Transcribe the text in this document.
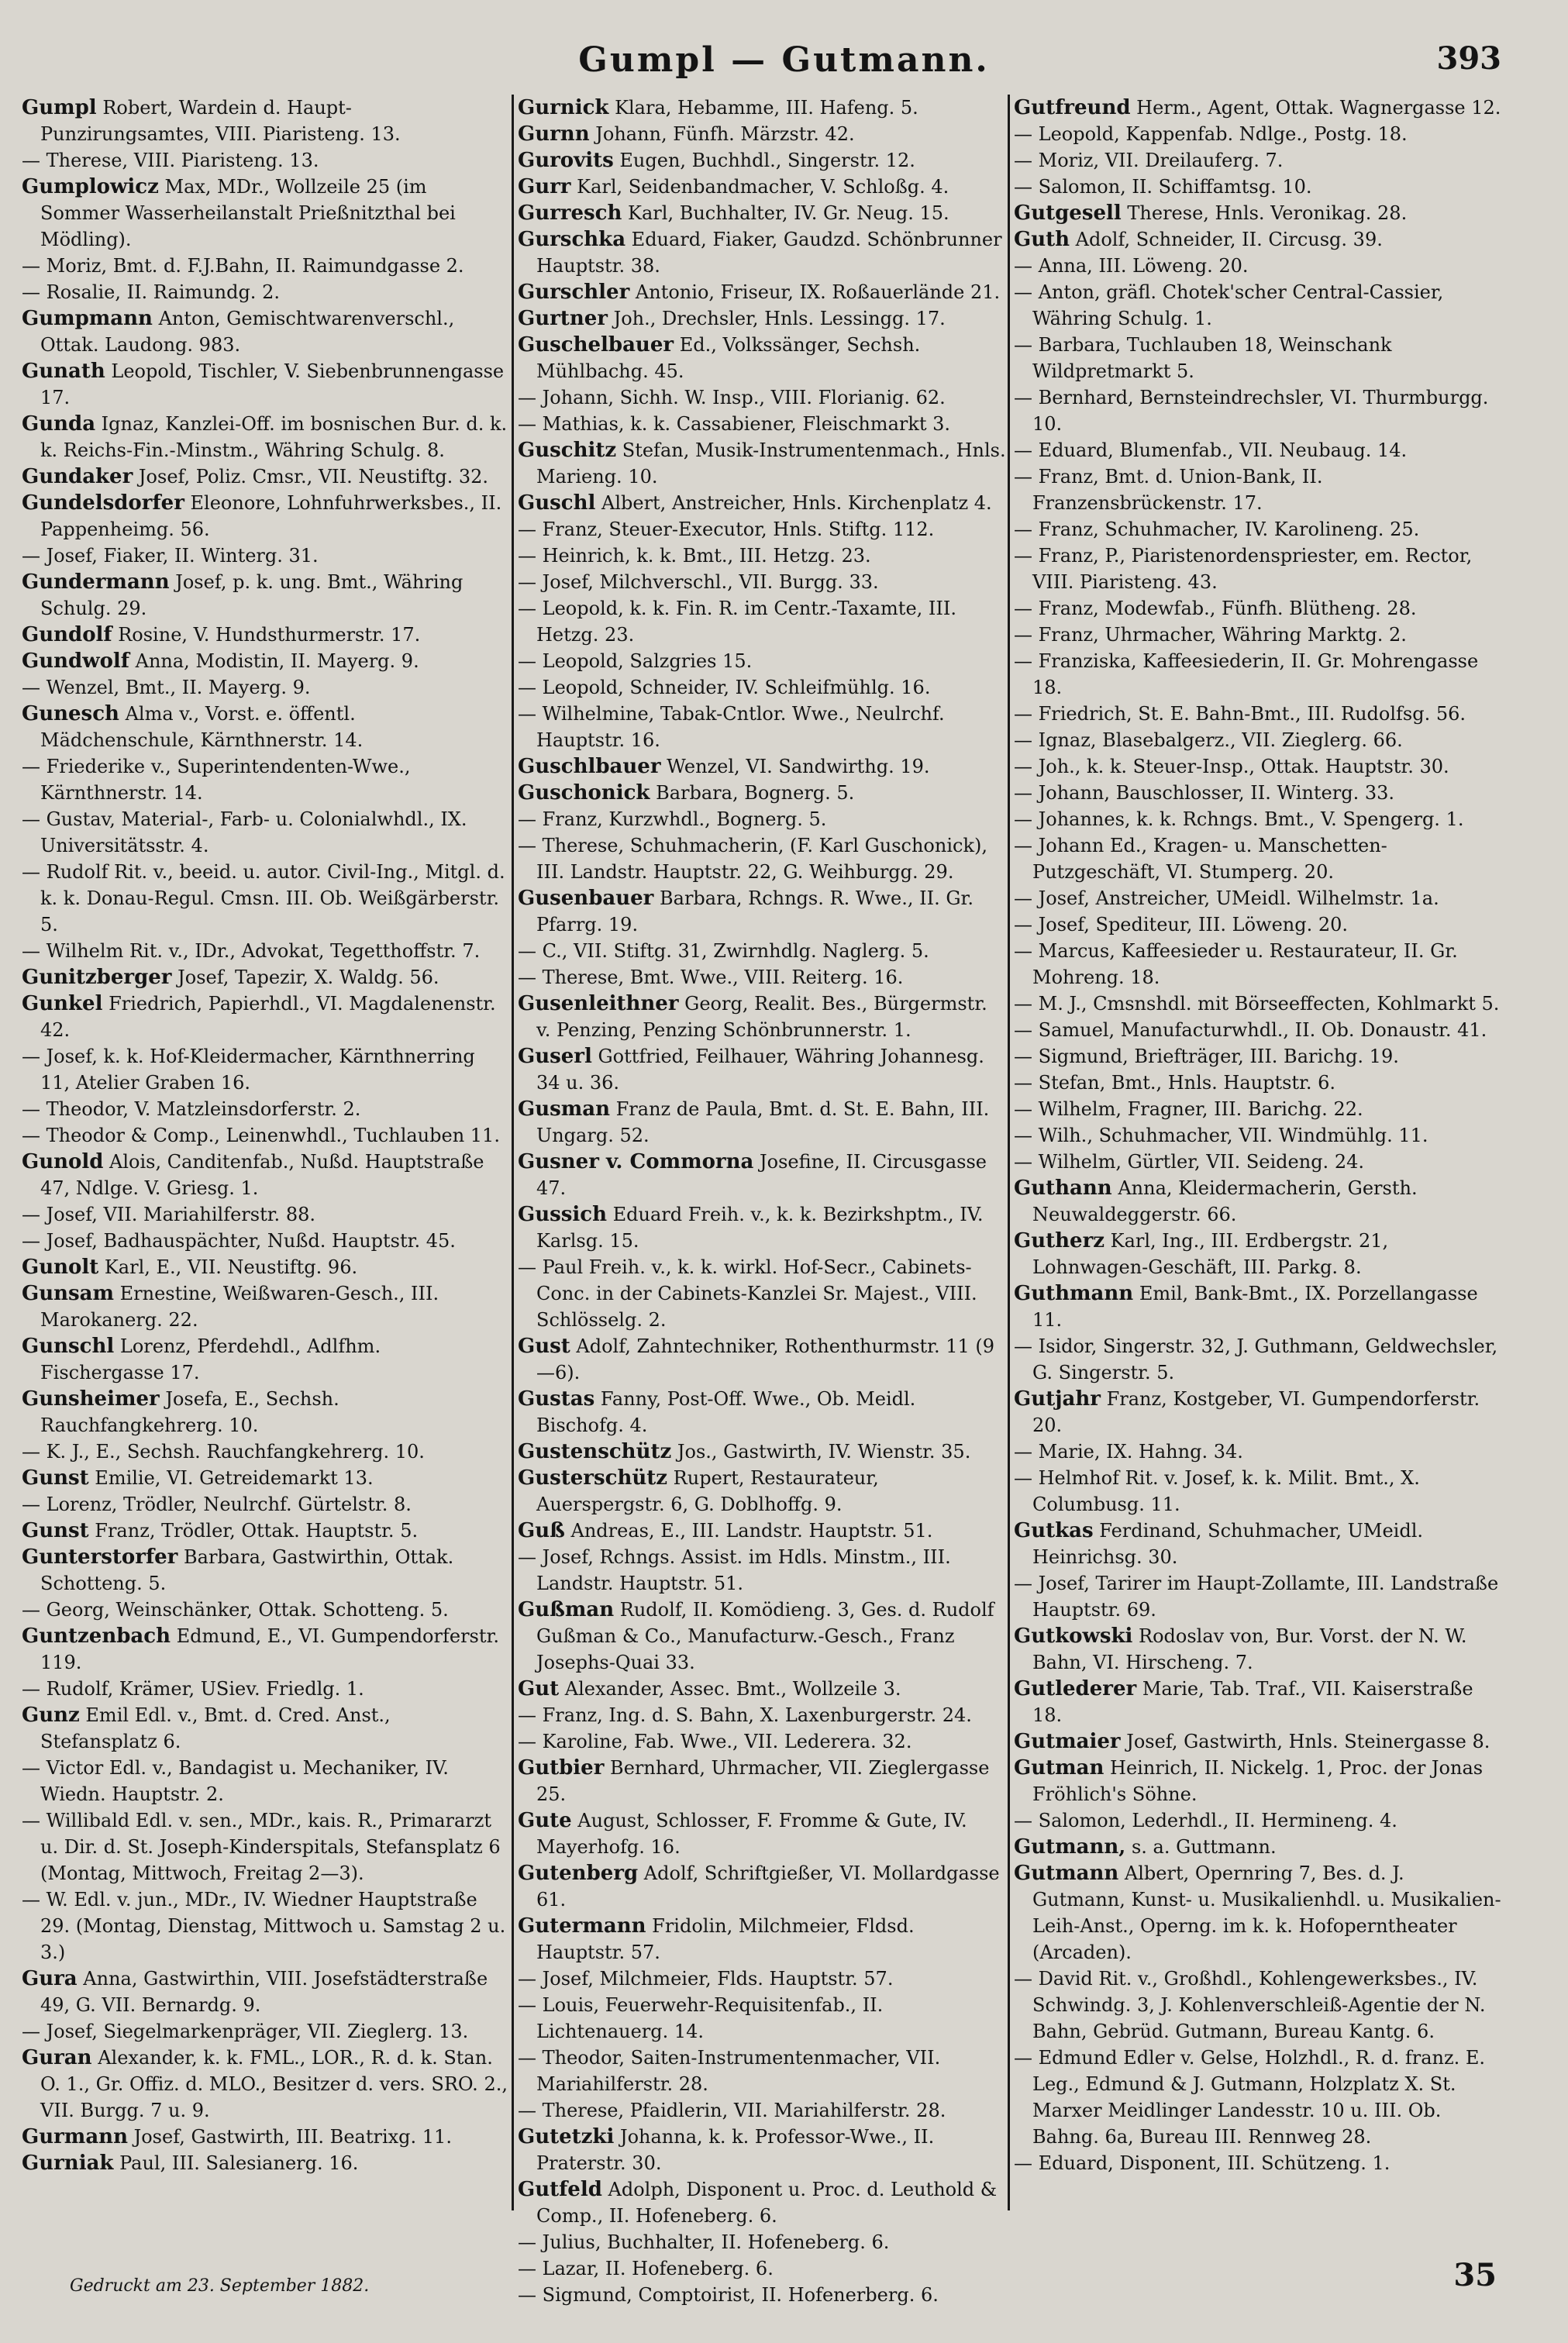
Gumpl — Gutmann.	393

Gumpl Robert, Wardein d. Haupt-Punzirungsamtes, VIII. Piaristeng. 13.

— Therese, VIII. Piaristeng. 13.

Gumplowicz Max, MDr., Wollzeile 25 (im Sommer Wasserheilanstalt Prießnitzthal bei Mödling).

— Moriz, Bmt. d. F.J.Bahn, II. Raimundgasse 2.

— Rosalie, II. Raimundg. 2.

Gumpmann Anton, Gemischtwarenverschl., Ottak. Laudong. 983.

Gunath Leopold, Tischler, V. Siebenbrunnengasse 17.

Gunda Ignaz, Kanzlei-Off. im bosnischen Bur. d. k. k. Reichs-Fin.-Minstm., Währing Schulg. 8.

Gundaker Josef, Poliz. Cmsr., VII. Neustiftg. 32.

Gundelsdorfer Eleonore, Lohnfuhrwerksbes., II. Pappenheimg. 56.

— Josef, Fiaker, II. Winterg. 31.

Gundermann Josef, p. k. ung. Bmt., Währing Schulg. 29.

Gundolf Rosine, V. Hundsthurmerstr. 17.

Gundwolf Anna, Modistin, II. Mayerg. 9.

— Wenzel, Bmt., II. Mayerg. 9.

Gunesch Alma v., Vorst. e. öffentl. Mädchenschule, Kärnthnerstr. 14.

— Friederike v., Superintendenten-Wwe., Kärnthnerstr. 14.

— Gustav, Material-, Farb- u. Colonialwhdl., IX. Universitätsstr. 4.

— Rudolf Rit. v., beeid. u. autor. Civil-Ing., Mitgl. d. k. k. Donau-Regul. Cmsn. III. Ob. Weißgärberstr. 5.

— Wilhelm Rit. v., IDr., Advokat, Tegetthoffstr. 7.

Gunitzberger Josef, Tapezir, X. Waldg. 56.

Gunkel Friedrich, Papierhdl., VI. Magdalenenstr. 42.

— Josef, k. k. Hof-Kleidermacher, Kärnthnerring 11, Atelier Graben 16.

— Theodor, V. Matzleinsdorferstr. 2.

— Theodor & Comp., Leinenwhdl., Tuchlauben 11.

Gunold Alois, Canditenfab., Nußd. Hauptstraße 47, Ndlge. V. Griesg. 1.

— Josef, VII. Mariahilferstr. 88.

— Josef, Badhauspächter, Nußd. Hauptstr. 45.

Gunolt Karl, E., VII. Neustiftg. 96.

Gunsam Ernestine, Weißwaren-Gesch., III. Marokanerg. 22.

Gunschl Lorenz, Pferdehdl., Adlfhm. Fischergasse 17.

Gunsheimer Josefa, E., Sechsh. Rauchfangkehrerg. 10.

— K. J., E., Sechsh. Rauchfangkehrerg. 10.

Gunst Emilie, VI. Getreidemarkt 13.

— Lorenz, Trödler, Neulrchf. Gürtelstr. 8.

Gunst Franz, Trödler, Ottak. Hauptstr. 5.

Gunterstorfer Barbara, Gastwirthin, Ottak. Schotteng. 5.

— Georg, Weinschänker, Ottak. Schotteng. 5.

Guntzenbach Edmund, E., VI. Gumpendorferstr. 119.

— Rudolf, Krämer, USiev. Friedlg. 1.

Gunz Emil Edl. v., Bmt. d. Cred. Anst., Stefansplatz 6.

— Victor Edl. v., Bandagist u. Mechaniker, IV. Wiedn. Hauptstr. 2.

— Willibald Edl. v. sen., MDr., kais. R., Primararzt u. Dir. d. St. Joseph-Kinderspitals, Stefansplatz 6 (Montag, Mittwoch, Freitag 2—3).

— W. Edl. v. jun., MDr., IV. Wiedner Hauptstraße 29. (Montag, Dienstag, Mittwoch u. Samstag 2 u. 3.)

Gura Anna, Gastwirthin, VIII. Josefstädterstraße 49, G. VII. Bernardg. 9.

— Josef, Siegelmarkenpräger, VII. Zieglerg. 13.

Guran Alexander, k. k. FML., LOR., R. d. k. Stan. O. 1., Gr. Offiz. d. MLO., Besitzer d. vers. SRO. 2., VII. Burgg. 7 u. 9.

Gurmann Josef, Gastwirth, III. Beatrixg. 11.

Gurniak Paul, III. Salesianerg. 16.

Gurnick Klara, Hebamme, III. Hafeng. 5.

Gurnn Johann, Fünfh. Märzstr. 42.

Gurovits Eugen, Buchhdl., Singerstr. 12.

Gurr Karl, Seidenbandmacher, V. Schloßg. 4.

Gurresch Karl, Buchhalter, IV. Gr. Neug. 15.

Gurschka Eduard, Fiaker, Gaudzd. Schönbrunner Hauptstr. 38.

Gurschler Antonio, Friseur, IX. Roßauerlände 21.

Gurtner Joh., Drechsler, Hnls. Lessingg. 17.

Guschelbauer Ed., Volkssänger, Sechsh. Mühlbachg. 45.

— Johann, Sichh. W. Insp., VIII. Florianig. 62.

— Mathias, k. k. Cassabiener, Fleischmarkt 3.

Guschitz Stefan, Musik-Instrumentenmach., Hnls. Marieng. 10.

Guschl Albert, Anstreicher, Hnls. Kirchenplatz 4.

— Franz, Steuer-Executor, Hnls. Stiftg. 112.

— Heinrich, k. k. Bmt., III. Hetzg. 23.

— Josef, Milchverschl., VII. Burgg. 33.

— Leopold, k. k. Fin. R. im Centr.-Taxamte, III. Hetzg. 23.

— Leopold, Salzgries 15.

— Leopold, Schneider, IV. Schleifmühlg. 16.

— Wilhelmine, Tabak-Cntlor. Wwe., Neulrchf. Hauptstr. 16.

Guschlbauer Wenzel, VI. Sandwirthg. 19.

Guschonick Barbara, Bognerg. 5.

— Franz, Kurzwhdl., Bognerg. 5.

— Therese, Schuhmacherin, (F. Karl Guschonick), III. Landstr. Hauptstr. 22, G. Weihburgg. 29.

Gusenbauer Barbara, Rchngs. R. Wwe., II. Gr. Pfarrg. 19.

— C., VII. Stiftg. 31, Zwirnhdlg. Naglerg. 5.

— Therese, Bmt. Wwe., VIII. Reiterg. 16.

Gusenleithner Georg, Realit. Bes., Bürgermstr. v. Penzing, Penzing Schönbrunnerstr. 1.

Guserl Gottfried, Feilhauer, Währing Johannesg. 34 u. 36.

Gusman Franz de Paula, Bmt. d. St. E. Bahn, III. Ungarg. 52.

Gusner v. Commorna Josefine, II. Circusgasse 47.

Gussich Eduard Freih. v., k. k. Bezirkshptm., IV. Karlsg. 15.

— Paul Freih. v., k. k. wirkl. Hof-Secr., Cabinets-Conc. in der Cabinets-Kanzlei Sr. Majest., VIII. Schlösselg. 2.

Gust Adolf, Zahntechniker, Rothenthurmstr. 11 (9—6).

Gustas Fanny, Post-Off. Wwe., Ob. Meidl. Bischofg. 4.

Gustenschütz Jos., Gastwirth, IV. Wienstr. 35.

Gusterschütz Rupert, Restaurateur, Auerspergstr. 6, G. Doblhoffg. 9.

Guß Andreas, E., III. Landstr. Hauptstr. 51.

— Josef, Rchngs. Assist. im Hdls. Minstm., III. Landstr. Hauptstr. 51.

Gußman Rudolf, II. Komödieng. 3, Ges. d. Rudolf Gußman & Co., Manufacturw.-Gesch., Franz Josephs-Quai 33.

Gut Alexander, Assec. Bmt., Wollzeile 3.

— Franz, Ing. d. S. Bahn, X. Laxenburgerstr. 24.

— Karoline, Fab. Wwe., VII. Lederera. 32.

Gutbier Bernhard, Uhrmacher, VII. Zieglergasse 25.

Gute August, Schlosser, F. Fromme & Gute, IV. Mayerhofg. 16.

Gutenberg Adolf, Schriftgießer, VI. Mollardgasse 61.

Gutermann Fridolin, Milchmeier, Fldsd. Hauptstr. 57.

— Josef, Milchmeier, Flds. Hauptstr. 57.

— Louis, Feuerwehr-Requisitenfab., II. Lichtenauerg. 14.

— Theodor, Saiten-Instrumentenmacher, VII. Mariahilferstr. 28.

— Therese, Pfaidlerin, VII. Mariahilferstr. 28.

Gutetzki Johanna, k. k. Professor-Wwe., II. Praterstr. 30.

Gutfeld Adolph, Disponent u. Proc. d. Leuthold & Comp., II. Hofeneberg. 6.

— Julius, Buchhalter, II. Hofeneberg. 6.

— Lazar, II. Hofeneberg. 6.

— Sigmund, Comptoirist, II. Hofenerberg. 6.

Gutfreund Herm., Agent, Ottak. Wagnergasse 12.

— Leopold, Kappenfab. Ndlge., Postg. 18.

— Moriz, VII. Dreilauferg. 7.

— Salomon, II. Schiffamtsg. 10.

Gutgesell Therese, Hnls. Veronikag. 28.

Guth Adolf, Schneider, II. Circusg. 39.

— Anna, III. Löweng. 20.

— Anton, gräfl. Chotek'scher Central-Cassier, Währing Schulg. 1.

— Barbara, Tuchlauben 18, Weinschank Wildpretmarkt 5.

— Bernhard, Bernsteindrechsler, VI. Thurmburgg. 10.

— Eduard, Blumenfab., VII. Neubaug. 14.

— Franz, Bmt. d. Union-Bank, II. Franzensbrückenstr. 17.

— Franz, Schuhmacher, IV. Karolineng. 25.

— Franz, P., Piaristenordenspriester, em. Rector, VIII. Piaristeng. 43.

— Franz, Modewfab., Fünfh. Blütheng. 28.

— Franz, Uhrmacher, Währing Marktg. 2.

— Franziska, Kaffeesiederin, II. Gr. Mohrengasse 18.

— Friedrich, St. E. Bahn-Bmt., III. Rudolfsg. 56.

— Ignaz, Blasebalgerz., VII. Zieglerg. 66.

— Joh., k. k. Steuer-Insp., Ottak. Hauptstr. 30.

— Johann, Bauschlosser, II. Winterg. 33.

— Johannes, k. k. Rchngs. Bmt., V. Spengerg. 1.

— Johann Ed., Kragen- u. Manschetten-Putzgeschäft, VI. Stumperg. 20.

— Josef, Anstreicher, UMeidl. Wilhelmstr. 1a.

— Josef, Spediteur, III. Löweng. 20.

— Marcus, Kaffeesieder u. Restaurateur, II. Gr. Mohreng. 18.

— M. J., Cmsnshdl. mit Börseeffecten, Kohlmarkt 5.

— Samuel, Manufacturwhdl., II. Ob. Donaustr. 41.

— Sigmund, Briefträger, III. Barichg. 19.

— Stefan, Bmt., Hnls. Hauptstr. 6.

— Wilhelm, Fragner, III. Barichg. 22.

— Wilh., Schuhmacher, VII. Windmühlg. 11.

— Wilhelm, Gürtler, VII. Seideng. 24.

Guthann Anna, Kleidermacherin, Gersth. Neuwaldeggerstr. 66.

Gutherz Karl, Ing., III. Erdbergstr. 21, Lohnwagen-Geschäft, III. Parkg. 8.

Guthmann Emil, Bank-Bmt., IX. Porzellangasse 11.

— Isidor, Singerstr. 32, J. Guthmann, Geldwechsler, G. Singerstr. 5.

Gutjahr Franz, Kostgeber, VI. Gumpendorferstr. 20.

— Marie, IX. Hahng. 34.

— Helmhof Rit. v. Josef, k. k. Milit. Bmt., X. Columbusg. 11.

Gutkas Ferdinand, Schuhmacher, UMeidl. Heinrichsg. 30.

— Josef, Tarirer im Haupt-Zollamte, III. Landstraße Hauptstr. 69.

Gutkowski Rodoslav von, Bur. Vorst. der N. W. Bahn, VI. Hirscheng. 7.

Gutlederer Marie, Tab. Traf., VII. Kaiserstraße 18.

Gutmaier Josef, Gastwirth, Hnls. Steinergasse 8.

Gutman Heinrich, II. Nickelg. 1, Proc. der Jonas Fröhlich's Söhne.

— Salomon, Lederhdl., II. Hermineng. 4.

Gutmann, s. a. Guttmann.

Gutmann Albert, Opernring 7, Bes. d. J. Gutmann, Kunst- u. Musikalienhdl. u. Musikalien-Leih-Anst., Operng. im k. k. Hofoperntheater (Arcaden).

— David Rit. v., Großhdl., Kohlengewerksbes., IV. Schwindg. 3, J. Kohlenverschleiß-Agentie der N. Bahn, Gebrüd. Gutmann, Bureau Kantg. 6.

— Edmund Edler v. Gelse, Holzhdl., R. d. franz. E. Leg., Edmund & J. Gutmann, Holzplatz X. St. Marxer Meidlinger Landesstr. 10 u. III. Ob. Bahng. 6a, Bureau III. Rennweg 28.

— Eduard, Disponent, III. Schützeng. 1.

Gedruckt am 23. September 1882.	35
